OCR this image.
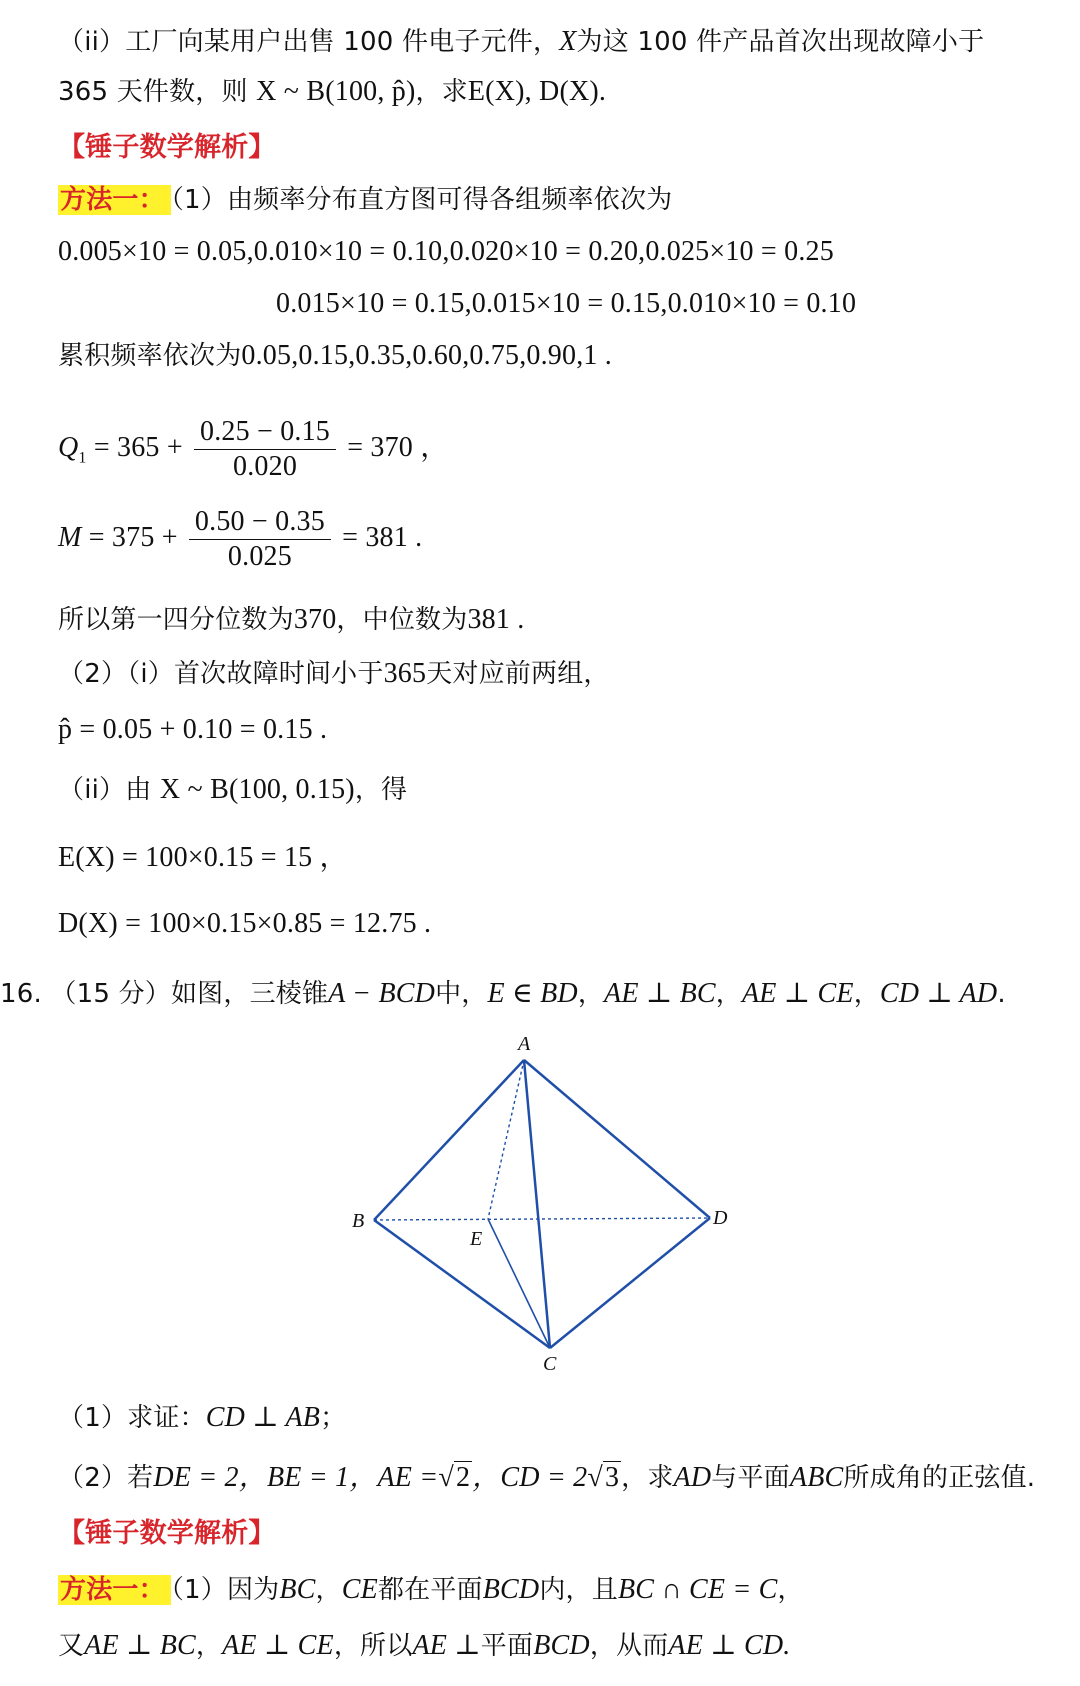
（ii）工厂向某用户出售 100 件电子元件，X为这 100 件产品首次出现故障小于
365 天件数，则 X ~ B(100, p̂)，求E(X), D(X).
【锤子数学解析】
方法一： （1）由频率分布直方图可得各组频率依次为
0.005×10 = 0.05,0.010×10 = 0.10,0.020×10 = 0.20,0.025×10 = 0.25
0.015×10 = 0.15,0.015×10 = 0.15,0.010×10 = 0.10
累积频率依次为0.05,0.15,0.35,0.60,0.75,0.90,1 .
$Q_1 = 365 + \frac{0.25 - 0.15}{0.020} = 370$ ，
$M = 375 + \frac{0.50 - 0.35}{0.025} = 381$ .
所以第一四分位数为370，中位数为381 .
（2）（i）首次故障时间小于365天对应前两组，
p̂ = 0.05 + 0.10 = 0.15 .
（ii）由 X ~ B(100, 0.15)，得
E(X) = 100×0.15 = 15 ，
D(X) = 100×0.15×0.85 = 12.75 .
16. （15 分）如图，三棱锥A − BCD中，E ∈ BD，AE ⊥ BC，AE ⊥ CE，CD ⊥ AD.
A
B
C
D
E
（1）求证：CD ⊥ AB；
（2）若DE = 2，BE = 1，AE =√2，CD = 2√3，求AD与平面ABC所成角的正弦值.
【锤子数学解析】
方法一： （1）因为BC，CE都在平面BCD内，且BC ∩ CE = C，
又AE ⊥ BC，AE ⊥ CE，所以AE ⊥平面BCD，从而AE ⊥ CD.
